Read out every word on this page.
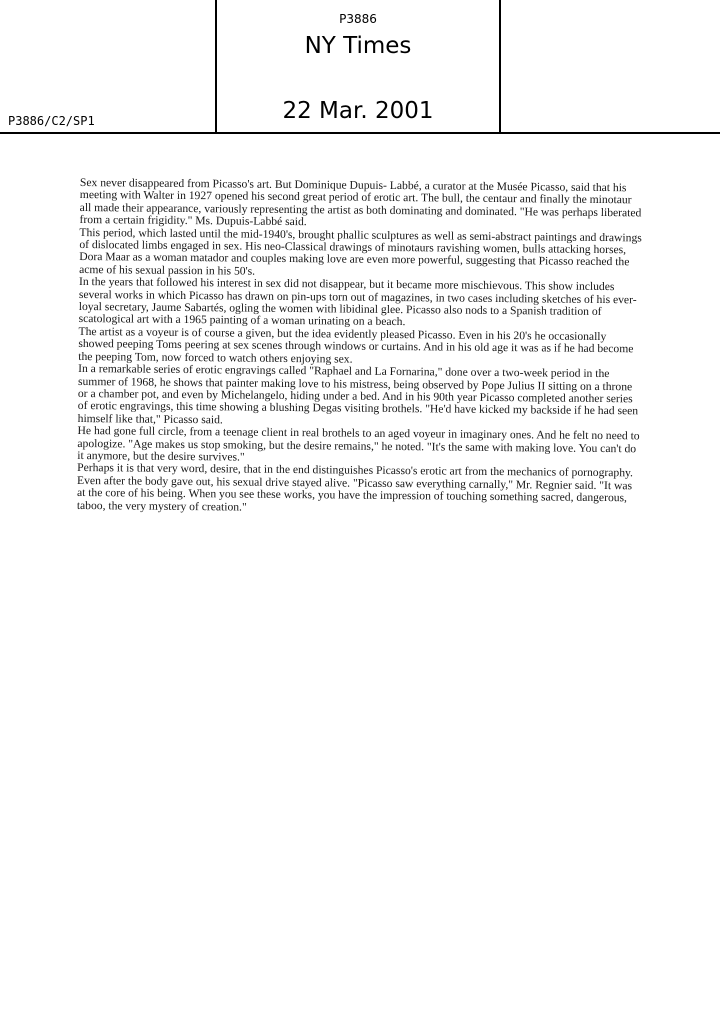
P3886/C2/SP1
P3886
NY Times
22 Mar. 2001

Sex never disappeared from Picasso's art. But Dominique Dupuis- Labbé, a curator at the Musée Picasso, said that his meeting with Walter in 1927 opened his second great period of erotic art. The bull, the centaur and finally the minotaur all made their appearance, variously representing the artist as both dominating and dominated. "He was perhaps liberated from a certain frigidity." Ms. Dupuis-Labbé said.

This period, which lasted until the mid-1940's, brought phallic sculptures as well as semi-abstract paintings and drawings of dislocated limbs engaged in sex. His neo-Classical drawings of minotaurs ravishing women, bulls attacking horses, Dora Maar as a woman matador and couples making love are even more powerful, suggesting that Picasso reached the acme of his sexual passion in his 50's.

In the years that followed his interest in sex did not disappear, but it became more mischievous. This show includes several works in which Picasso has drawn on pin-ups torn out of magazines, in two cases including sketches of his ever-loyal secretary, Jaume Sabartés, ogling the women with libidinal glee. Picasso also nods to a Spanish tradition of scatological art with a 1965 painting of a woman urinating on a beach.

The artist as a voyeur is of course a given, but the idea evidently pleased Picasso. Even in his 20's he occasionally showed peeping Toms peering at sex scenes through windows or curtains. And in his old age it was as if he had become the peeping Tom, now forced to watch others enjoying sex.

In a remarkable series of erotic engravings called "Raphael and La Fornarina," done over a two-week period in the summer of 1968, he shows that painter making love to his mistress, being observed by Pope Julius II sitting on a throne or a chamber pot, and even by Michelangelo, hiding under a bed. And in his 90th year Picasso completed another series of erotic engravings, this time showing a blushing Degas visiting brothels. "He'd have kicked my backside if he had seen himself like that," Picasso said.

He had gone full circle, from a teenage client in real brothels to an aged voyeur in imaginary ones. And he felt no need to apologize. "Age makes us stop smoking, but the desire remains," he noted. "It's the same with making love. You can't do it anymore, but the desire survives."

Perhaps it is that very word, desire, that in the end distinguishes Picasso's erotic art from the mechanics of pornography. Even after the body gave out, his sexual drive stayed alive. "Picasso saw everything carnally," Mr. Regnier said. "It was at the core of his being. When you see these works, you have the impression of touching something sacred, dangerous, taboo, the very mystery of creation."
